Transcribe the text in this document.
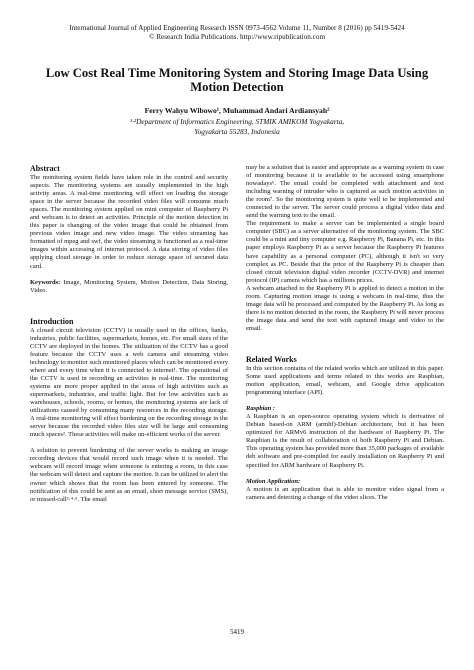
International Journal of Applied Engineering Research ISSN 0973-4562 Volume 11, Number 8 (2016) pp 5419-5424
© Research India Publications. http://www.ripublication.com
Low Cost Real Time Monitoring System and Storing Image Data Using Motion Detection
Ferry Wahyu Wibowo¹, Muhammad Andari Ardiansyah²
¹·²Department of Informatics Engineering, STMIK AMIKOM Yogyakarta,
Yogyakarta 55283, Indonesia

Abstract

The monitoring system fields have taken role in the control and security aspects. The monitoring systems are usually implemented in the high activity areas. A real-time monitoring will effect on loading the storage space in the server because the recorded video files will consume much spaces. The monitoring system applied on mini computer of Raspberry Pi and webcam is to detect an activities. Principle of the motion detection in this paper is changing of the video image that could be obtained from previous video image and new video image. The video streaming has formatted of mpeg and swf, the video streaming is functioned as a real-time images within accessing of internet protocol. A data storing of video files applying cloud storage in order to reduce storage space of secured data card.

Keywords: Image, Monitoring System, Motion Detection, Data Storing, Video.

Introduction

A closed circuit television (CCTV) is usually used in the offices, banks, industries, public facilities, supermarkets, homes, etc. For small sizes of the CCTV are deployed in the homes. The utilization of the CCTV has a good feature because the CCTV uses a web camera and streaming video technology to monitor such monitored places which can be monitored every where and every time when it is connected to internet¹. The operational of the CCTV is used in recording an activities in real-time. The monitoring systems are more proper applied in the areas of high activities such as supermarkets, industries, and traffic light. But for low activities such as warehouses, schools, rooms, or homes, the monitoring systems are lack of utilizations caused by consuming many resources in the recording storage. A real-time monitoring will effect burdening on the recording storage in the server because the recorded video files size will be large and consuming much spaces². These activities will make un-efficient works of the server.

A solution to prevent burdening of the server works is making an image recording devices that would record such image when it is needed. The webcam will record image when someone is entering a room, in this case the webcam will detect and capture the motion. It can be utilized to alert the owner which shows that the room has been entered by someone. The notification of this could be sent as an email, short message service (SMS), or missed-call³·⁴·⁵. The email

may be a solution that is easier and appropriate as a warning system in case of monitoring because it is available to be accessed using smartphone nowadays⁶. The email could be completed with attachment and text including warning of intruder who is captured as such motion activities in the room⁷. So the monitoring system is quite well to be implemented and connected to the server. The server could process a digital video data and send the warning text to the email.

The requirement to make a server can be implemented a single board computer (SBC) as a server alternative of the monitoring system. The SBC could be a mini and tiny computer e.g. Raspberry Pi, Banana Pi, etc. In this paper employs Raspberry Pi as a server because the Raspberry Pi features have capability as a personal computer (PC), although it isn't so very complex as PC. Beside that the price of the Raspberry Pi is cheaper than closed circuit television digital video recorder (CCTV-DVR) and internet protocol (IP) camera which has a millions prices.

A webcam attached to the Raspberry Pi is applied to detect a motion in the room. Capturing motion image is using a webcam in real-time, thus the image data will be processed and computed by the Raspberry Pi. As long as there is no motion detected in the room, the Raspberry Pi will never process the image data and send the text with captured image and video to the email.

Related Works

In this section contains of the related works which are utilized in this paper. Some used applications and terms related to this works are Raspbian, motion application, email, webcam, and Google drive application programming interface (API).

Raspbian :

A Raspbian is an open-source operating system which is derivative of Debian based-on ARM (armhf)-Debian architecture, but it has been optimized for ARMv6 instruction of the hardware of Raspberry Pi. The Raspbian is the result of collaboration of both Raspberry Pi and Debian. This operating system has provided more than 35,000 packages of available deb software and pre-compiled for easily installation on Raspberry Pi and specified for ARM hardware of Raspberry Pi.

Motion Application:

A motion is an application that is able to monitor video signal from a camera and detecting a change of the video slices. The

5419
